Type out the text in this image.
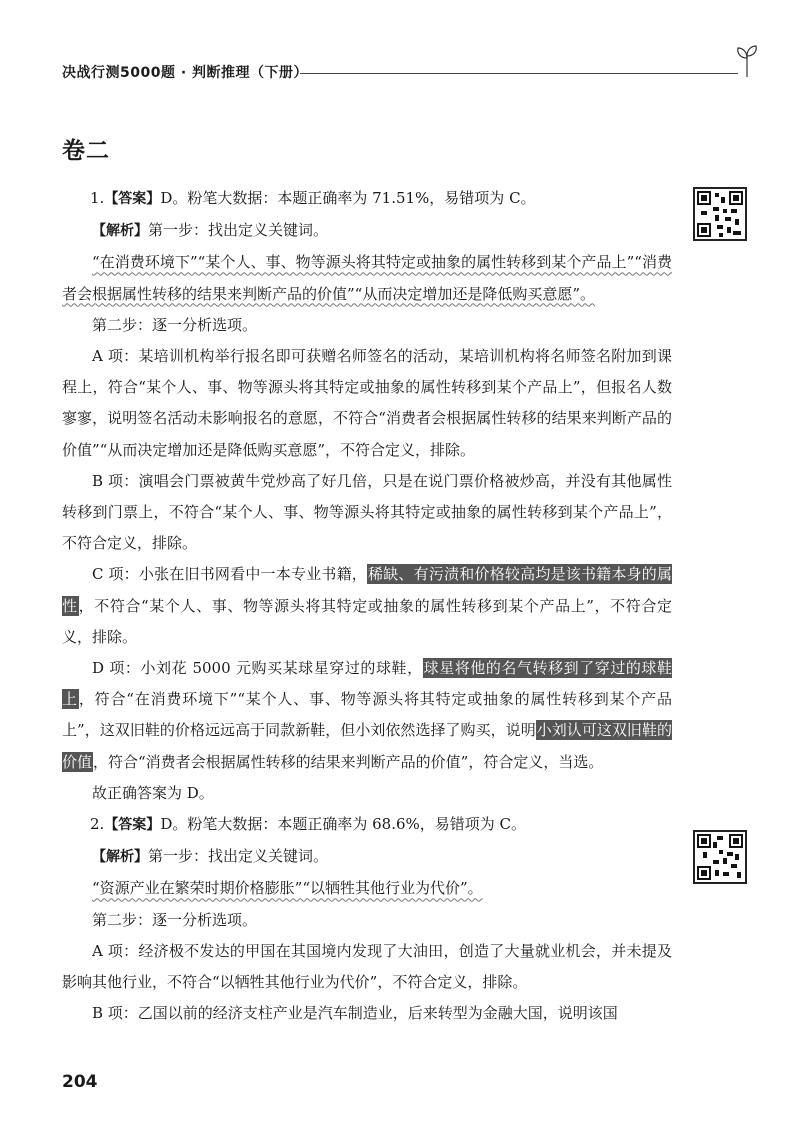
决战行测5000题 · 判断推理（下册）
卷二

1.【答案】D。粉笔大数据：本题正确率为 71.51%，易错项为 C。

【解析】第一步：找出定义关键词。

“在消费环境下”“某个人、事、物等源头将其特定或抽象的属性转移到某个产品上”“消费者会根据属性转移的结果来判断产品的价值”“从而决定增加还是降低购买意愿”。

第二步：逐一分析选项。

A 项：某培训机构举行报名即可获赠名师签名的活动，某培训机构将名师签名附加到课程上，符合“某个人、事、物等源头将其特定或抽象的属性转移到某个产品上”，但报名人数寥寥，说明签名活动未影响报名的意愿，不符合“消费者会根据属性转移的结果来判断产品的价值”“从而决定增加还是降低购买意愿”，不符合定义，排除。

B 项：演唱会门票被黄牛党炒高了好几倍，只是在说门票价格被炒高，并没有其他属性转移到门票上，不符合“某个人、事、物等源头将其特定或抽象的属性转移到某个产品上”，不符合定义，排除。

C 项：小张在旧书网看中一本专业书籍，稀缺、有污渍和价格较高均是该书籍本身的属性，不符合“某个人、事、物等源头将其特定或抽象的属性转移到某个产品上”，不符合定义，排除。

D 项：小刘花 5000 元购买某球星穿过的球鞋，球星将他的名气转移到了穿过的球鞋上，符合“在消费环境下”“某个人、事、物等源头将其特定或抽象的属性转移到某个产品上”，这双旧鞋的价格远远高于同款新鞋，但小刘依然选择了购买，说明小刘认可这双旧鞋的价值，符合“消费者会根据属性转移的结果来判断产品的价值”，符合定义，当选。

故正确答案为 D。

2.【答案】D。粉笔大数据：本题正确率为 68.6%，易错项为 C。

【解析】第一步：找出定义关键词。

“资源产业在繁荣时期价格膨胀”“以牺牲其他行业为代价”。

第二步：逐一分析选项。

A 项：经济极不发达的甲国在其国境内发现了大油田，创造了大量就业机会，并未提及影响其他行业，不符合“以牺牲其他行业为代价”，不符合定义，排除。

B 项：乙国以前的经济支柱产业是汽车制造业，后来转型为金融大国，说明该国

204
